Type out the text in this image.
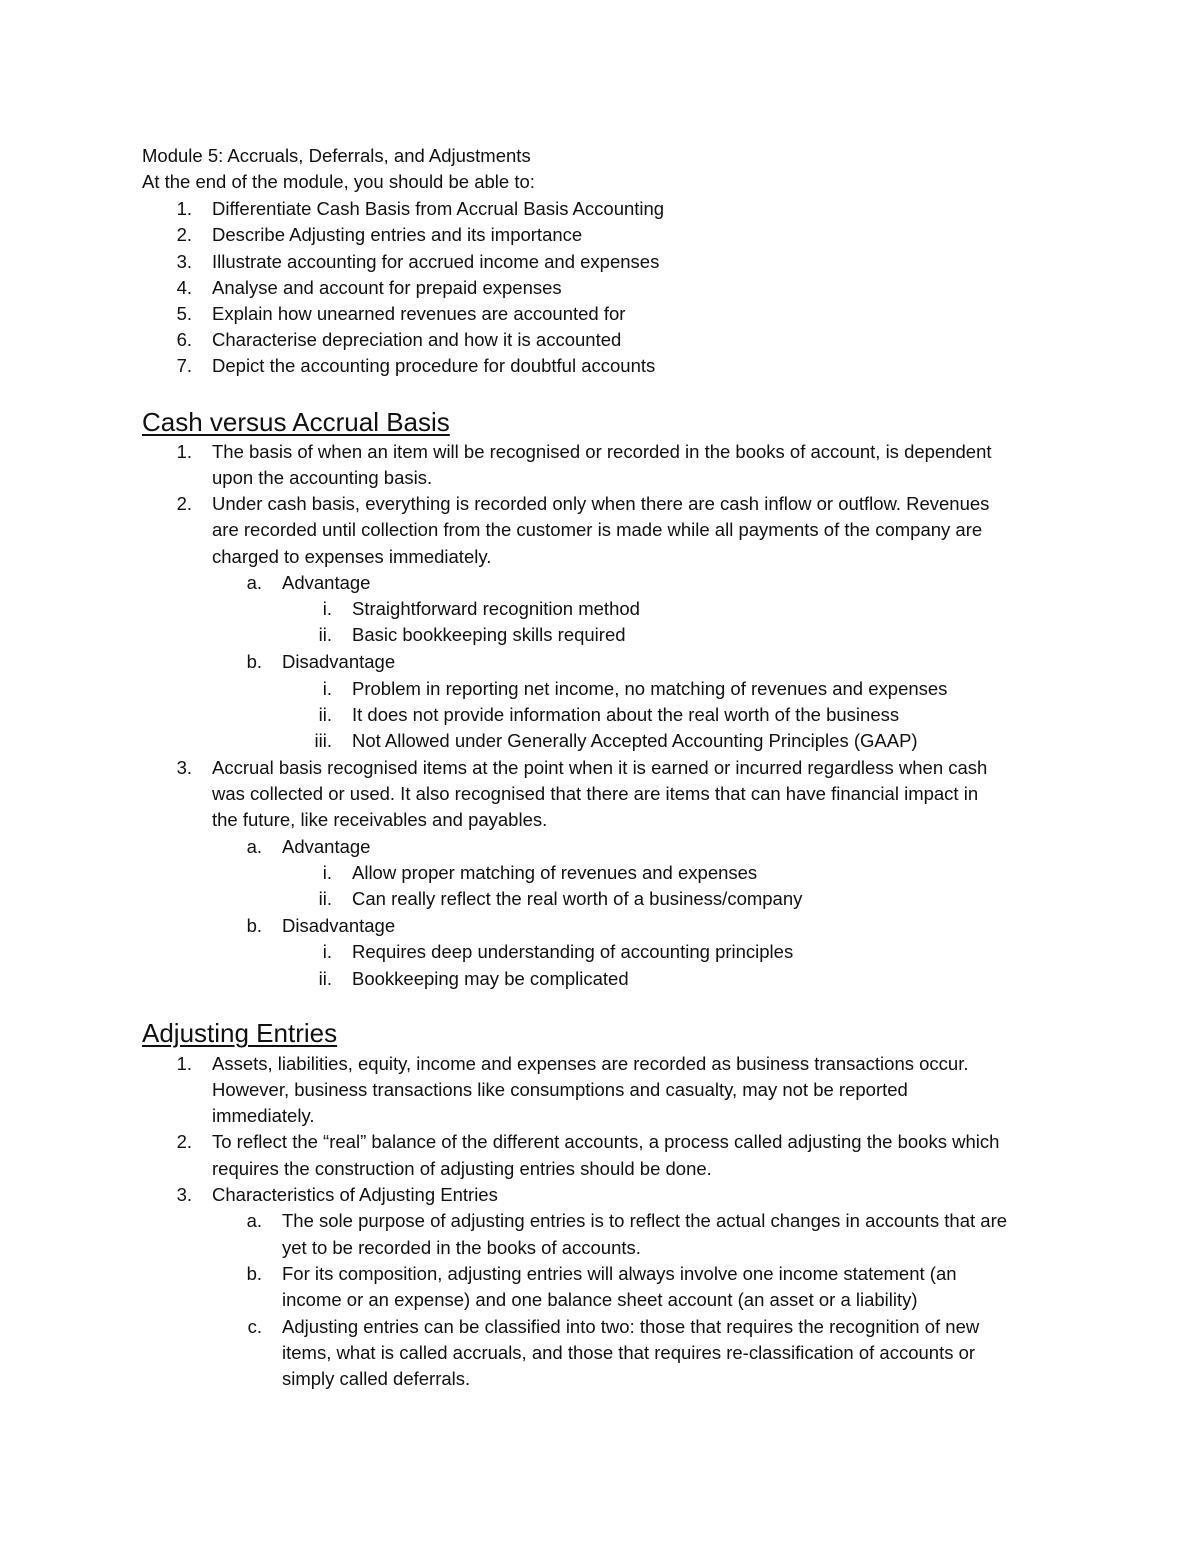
Module 5: Accruals, Deferrals, and Adjustments
At the end of the module, you should be able to:
1. Differentiate Cash Basis from Accrual Basis Accounting
2. Describe Adjusting entries and its importance
3. Illustrate accounting for accrued income and expenses
4. Analyse and account for prepaid expenses
5. Explain how unearned revenues are accounted for
6. Characterise depreciation and how it is accounted
7. Depict the accounting procedure for doubtful accounts
Cash versus Accrual Basis
1. The basis of when an item will be recognised or recorded in the books of account, is dependent
upon the accounting basis.
2. Under cash basis, everything is recorded only when there are cash inflow or outflow. Revenues
are recorded until collection from the customer is made while all payments of the company are
charged to expenses immediately.
a. Advantage
i. Straightforward recognition method
ii. Basic bookkeeping skills required
b. Disadvantage
i. Problem in reporting net income, no matching of revenues and expenses
ii. It does not provide information about the real worth of the business
iii. Not Allowed under Generally Accepted Accounting Principles (GAAP)
3. Accrual basis recognised items at the point when it is earned or incurred regardless when cash
was collected or used. It also recognised that there are items that can have financial impact in
the future, like receivables and payables.
a. Advantage
i. Allow proper matching of revenues and expenses
ii. Can really reflect the real worth of a business/company
b. Disadvantage
i. Requires deep understanding of accounting principles
ii. Bookkeeping may be complicated
Adjusting Entries
1. Assets, liabilities, equity, income and expenses are recorded as business transactions occur.
However, business transactions like consumptions and casualty, may not be reported
immediately.
2. To reflect the “real” balance of the different accounts, a process called adjusting the books which
requires the construction of adjusting entries should be done.
3. Characteristics of Adjusting Entries
a. The sole purpose of adjusting entries is to reflect the actual changes in accounts that are
yet to be recorded in the books of accounts.
b. For its composition, adjusting entries will always involve one income statement (an
income or an expense) and one balance sheet account (an asset or a liability)
c. Adjusting entries can be classified into two: those that requires the recognition of new
items, what is called accruals, and those that requires re-classification of accounts or
simply called deferrals.
